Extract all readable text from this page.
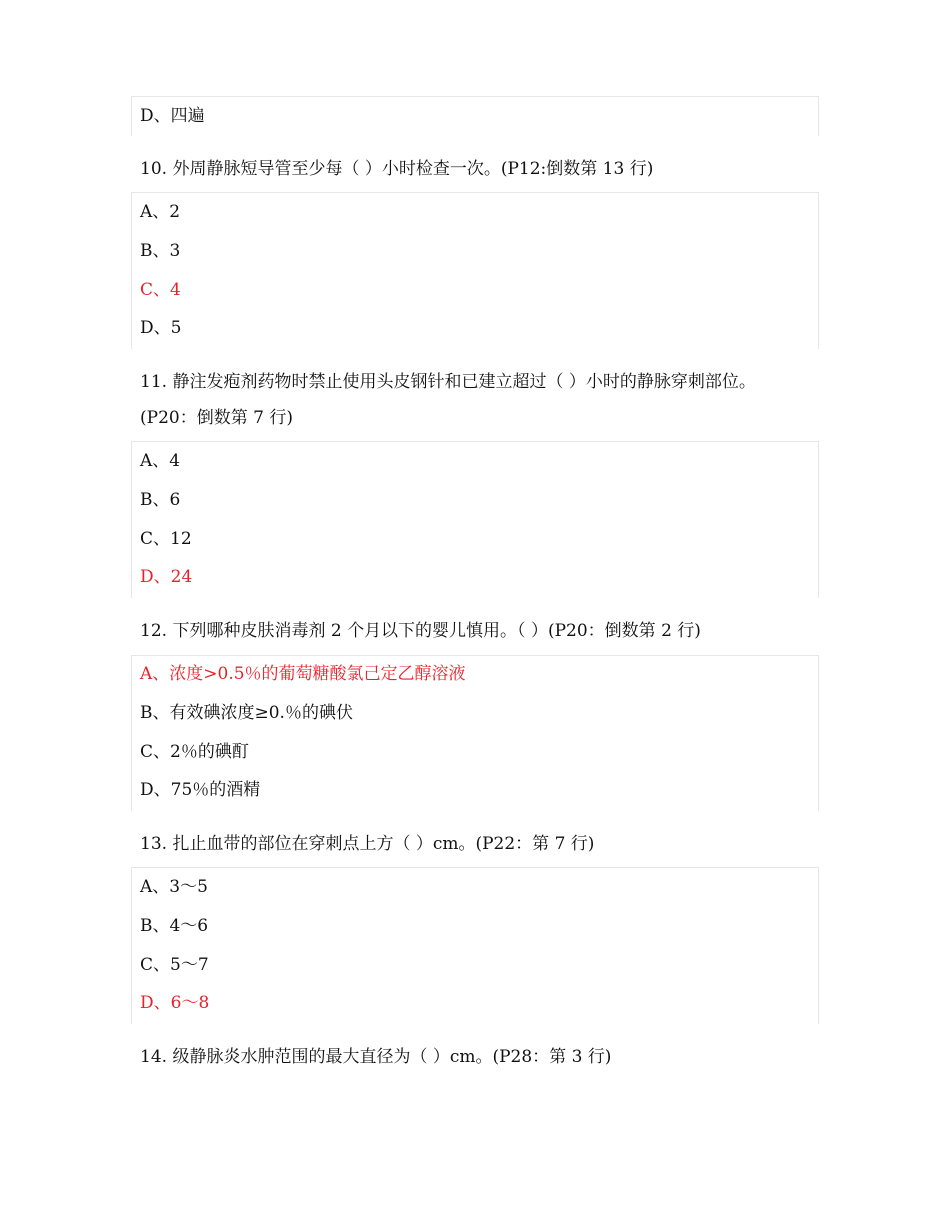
D、四遍
10. 外周静脉短导管至少每（ ）小时检查一次。(P12:倒数第 13 行)
A、2
B、3
C、4
D、5
11. 静注发疱剂药物时禁止使用头皮钢针和已建立超过（ ）小时的静脉穿刺部位。
(P20：倒数第 7 行)
A、4
B、6
C、12
D、24
12. 下列哪种皮肤消毒剂 2 个月以下的婴儿慎用。（ ）(P20：倒数第 2 行)
A、浓度>0.5％的葡萄糖酸氯己定乙醇溶液
B、有效碘浓度≥0.％的碘伏
C、2％的碘酊
D、75％的酒精
13. 扎止血带的部位在穿刺点上方（ ）cm。(P22：第 7 行)
A、3～5
B、4～6
C、5～7
D、6～8
14. 级静脉炎水肿范围的最大直径为（ ）cm。(P28：第 3 行)
